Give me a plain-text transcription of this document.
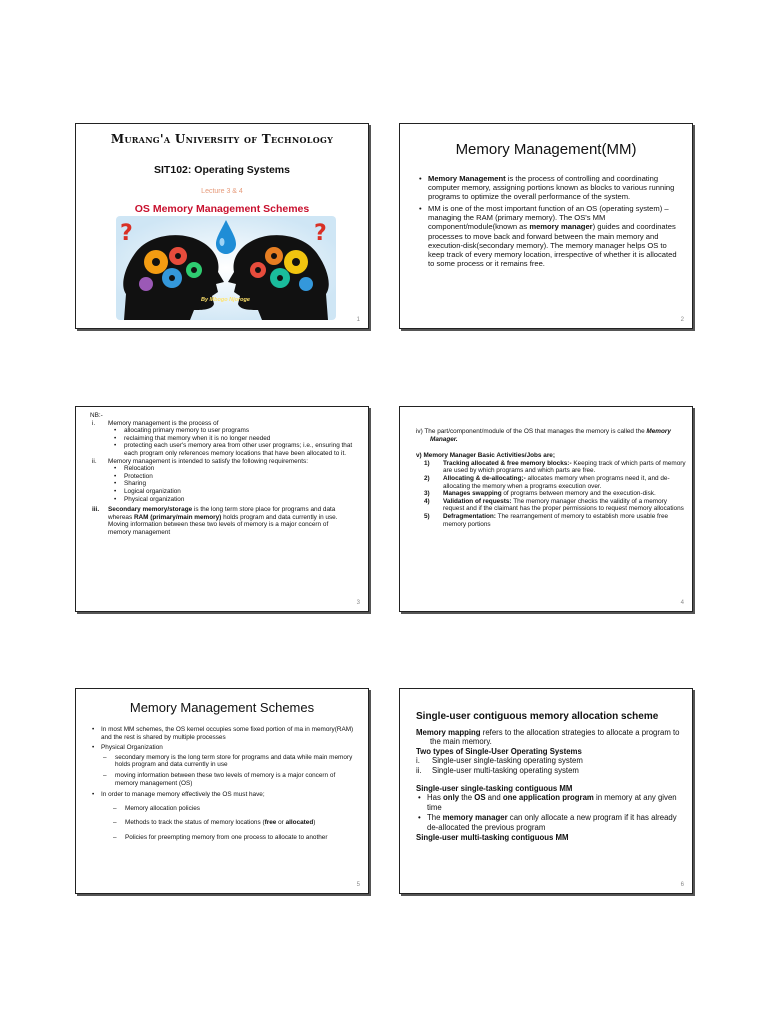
Murang'a University of Technology
SIT102: Operating Systems
Lecture 3 & 4
OS Memory Management Schemes
?	?
By Mbogo Njoroge
1
Memory Management(MM)
• Memory Management is the process of controlling and coordinating computer memory, assigning portions known as blocks to various running programs to optimize the overall performance of the system.
• MM is one of the most important function of an OS (operating system) – managing the RAM (primary memory). The OS's MM component/module(known as memory manager) guides and coordinates processes to move back and forward between the main memory and execution-disk(secondary memory). The memory manager helps OS to keep track of every memory location, irrespective of whether it is allocated to some process or it remains free.
2
NB:-
i. Memory management is the process of
• allocating primary memory to user programs
• reclaiming that memory when it is no longer needed
• protecting each user's memory area from other user programs; i.e., ensuring that each program only references memory locations that have been allocated to it.
ii.	Memory management is intended to satisfy the following requirements:
• Relocation
• Protection
• Sharing
• Logical organization
• Physical organization
iii.	Secondary memory/storage is the long term store place for programs and data whereas RAM (primary/main memory) holds program and data currently in use. Moving information between these two levels of memory is a major concern of memory management
3
iv) The part/component/module of the OS that manages the memory is called the Memory Manager.
v) Memory Manager Basic Activities/Jobs are;
1) Tracking allocated & free memory blocks:- Keeping track of which parts of memory are used by which programs and which parts are free.
2) Allocating & de-allocating;- allocates memory when programs need it, and de-allocating the memory when a programs execution over.
3) Manages swapping of programs between memory and the execution-disk.
4) Validation of requests: The memory manager checks the validity of a memory request and if the claimant has the proper permissions to request memory allocations
5) Defragmentation: The rearrangement of memory to establish more usable free memory portions
4
Memory Management Schemes
• In most MM schemes, the OS kernel occupies some fixed portion of ma in memory(RAM) and the rest is shared by multiple processes
• Physical Organization
– secondary memory is the long term store for programs and data while main memory holds program and data currently in use
– moving information between these two levels of memory is a major concern of memory management (OS)
• In order to manage memory effectively the OS must have;
– Memory allocation policies
– Methods to track the status of memory locations (free or allocated)
– Policies for preempting memory from one process to allocate to another
5
Single-user contiguous memory allocation scheme
Memory mapping refers to the allocation strategies to allocate a program to the main memory.
Two types of Single-User Operating Systems
i. Single-user single-tasking operating system
ii. Single-user multi-tasking operating system
Single-user single-tasking contiguous MM
• Has only the OS and one application program in memory at any given time
• The memory manager can only allocate a new program if it has already de-allocated the previous program
Single-user multi-tasking contiguous MM
6
